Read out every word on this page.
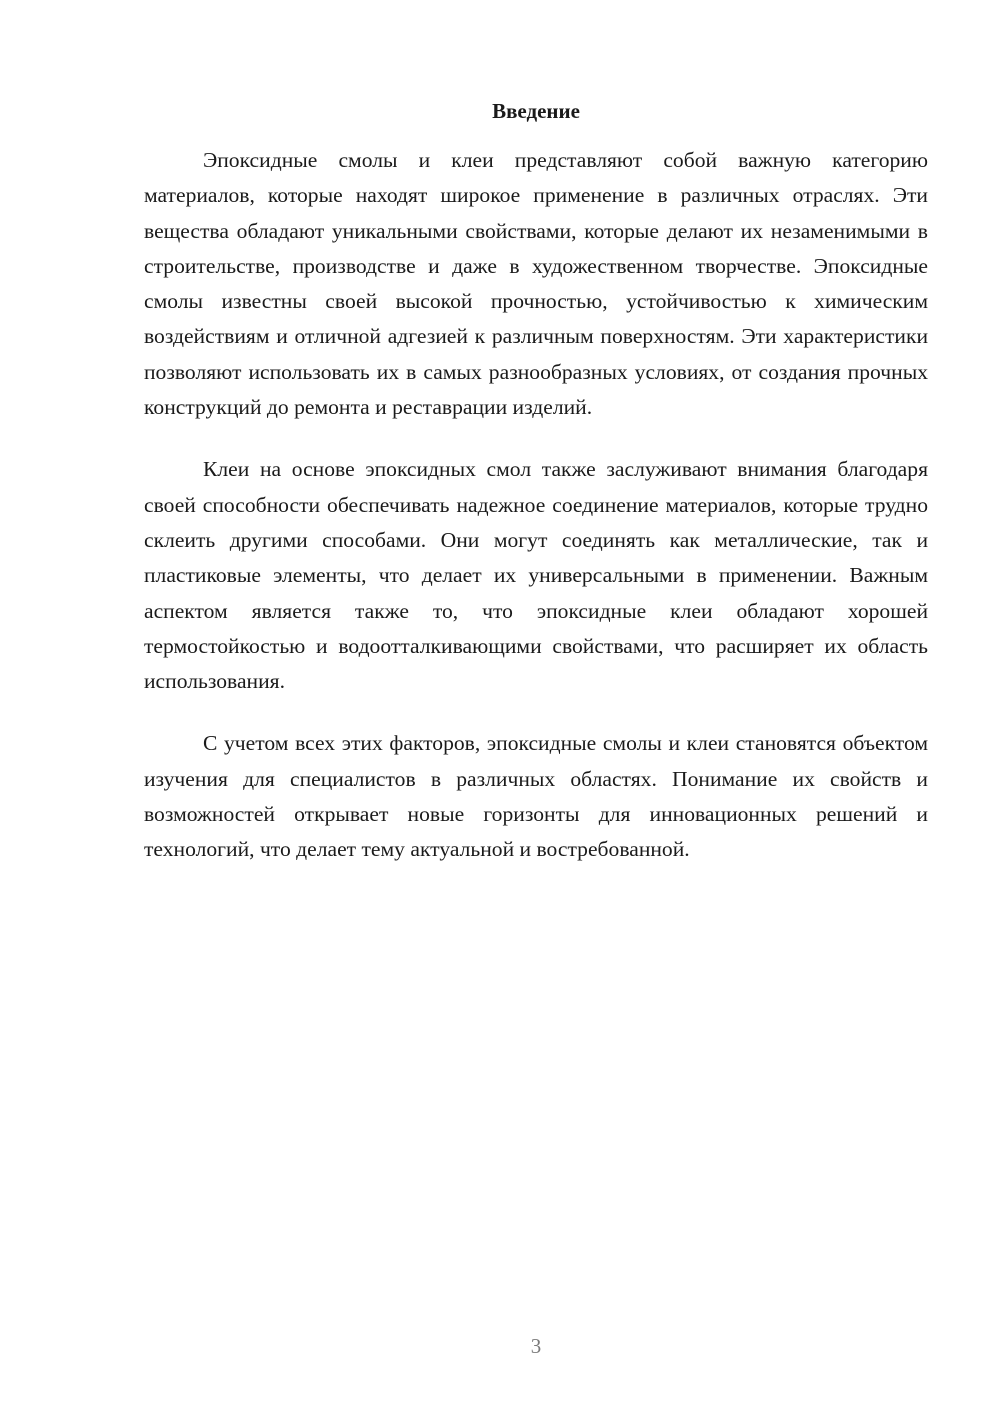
Введение

Эпоксидные смолы и клеи представляют собой важную категорию материалов, которые находят широкое применение в различных отраслях. Эти вещества обладают уникальными свойствами, которые делают их незаменимыми в строительстве, производстве и даже в художественном творчестве. Эпоксидные смолы известны своей высокой прочностью, устойчивостью к химическим воздействиям и отличной адгезией к различным поверхностям. Эти характеристики позволяют использовать их в самых разнообразных условиях, от создания прочных конструкций до ремонта и реставрации изделий.

Клеи на основе эпоксидных смол также заслуживают внимания благодаря своей способности обеспечивать надежное соединение материалов, которые трудно склеить другими способами. Они могут соединять как металлические, так и пластиковые элементы, что делает их универсальными в применении. Важным аспектом является также то, что эпоксидные клеи обладают хорошей термостойкостью и водоотталкивающими свойствами, что расширяет их область использования.

С учетом всех этих факторов, эпоксидные смолы и клеи становятся объектом изучения для специалистов в различных областях. Понимание их свойств и возможностей открывает новые горизонты для инновационных решений и технологий, что делает тему актуальной и востребованной.

3
